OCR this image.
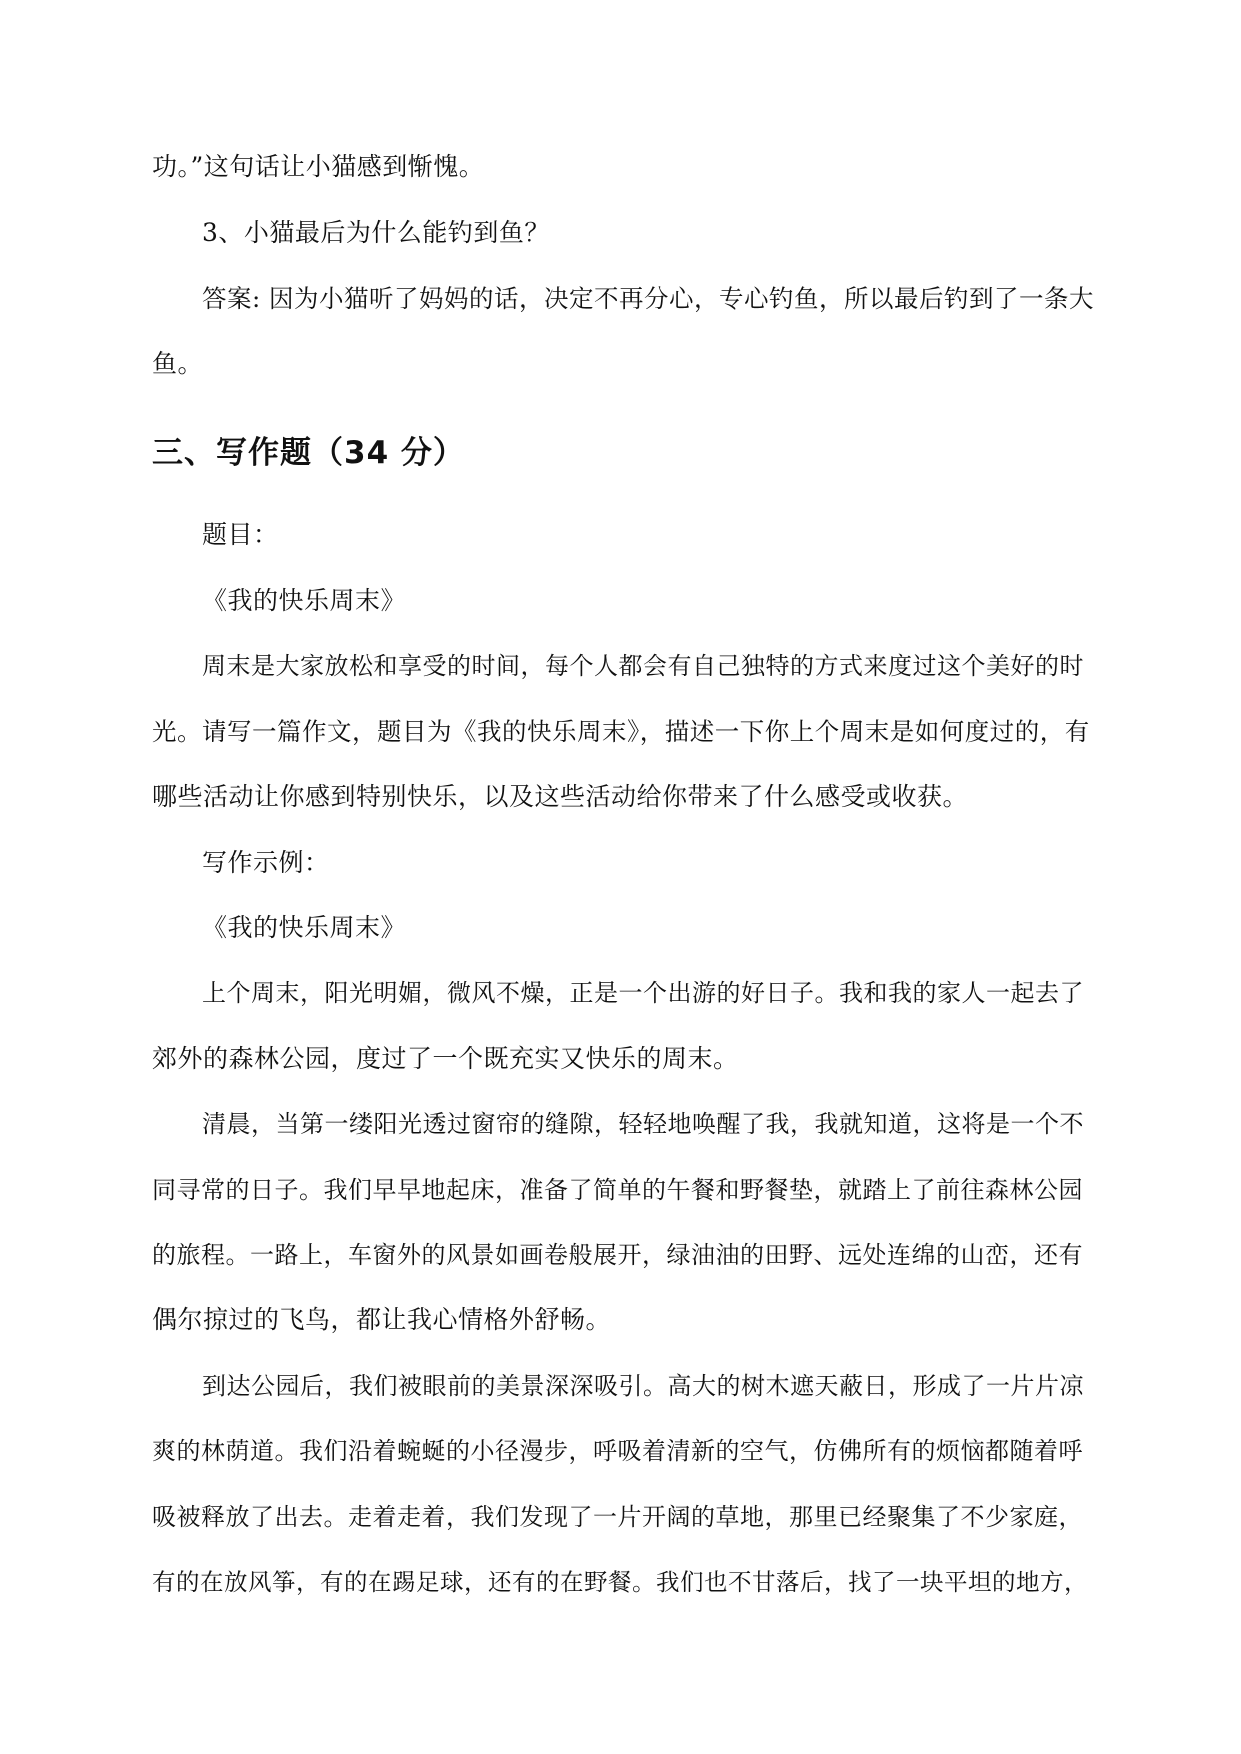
功。”这句话让小猫感到惭愧。
3、小猫最后为什么能钓到鱼？
答案: 因为小猫听了妈妈的话，决定不再分心，专心钓鱼，所以最后钓到了一条大
鱼。
三、写作题（34 分）
题目：
《我的快乐周末》
周末是大家放松和享受的时间，每个人都会有自己独特的方式来度过这个美好的时
光。请写一篇作文，题目为《我的快乐周末》，描述一下你上个周末是如何度过的，有
哪些活动让你感到特别快乐，以及这些活动给你带来了什么感受或收获。
写作示例：
《我的快乐周末》
上个周末，阳光明媚，微风不燥，正是一个出游的好日子。我和我的家人一起去了
郊外的森林公园，度过了一个既充实又快乐的周末。
清晨，当第一缕阳光透过窗帘的缝隙，轻轻地唤醒了我，我就知道，这将是一个不
同寻常的日子。我们早早地起床，准备了简单的午餐和野餐垫，就踏上了前往森林公园
的旅程。一路上，车窗外的风景如画卷般展开，绿油油的田野、远处连绵的山峦，还有
偶尔掠过的飞鸟，都让我心情格外舒畅。
到达公园后，我们被眼前的美景深深吸引。高大的树木遮天蔽日，形成了一片片凉
爽的林荫道。我们沿着蜿蜒的小径漫步，呼吸着清新的空气，仿佛所有的烦恼都随着呼
吸被释放了出去。走着走着，我们发现了一片开阔的草地，那里已经聚集了不少家庭，
有的在放风筝，有的在踢足球，还有的在野餐。我们也不甘落后，找了一块平坦的地方，
